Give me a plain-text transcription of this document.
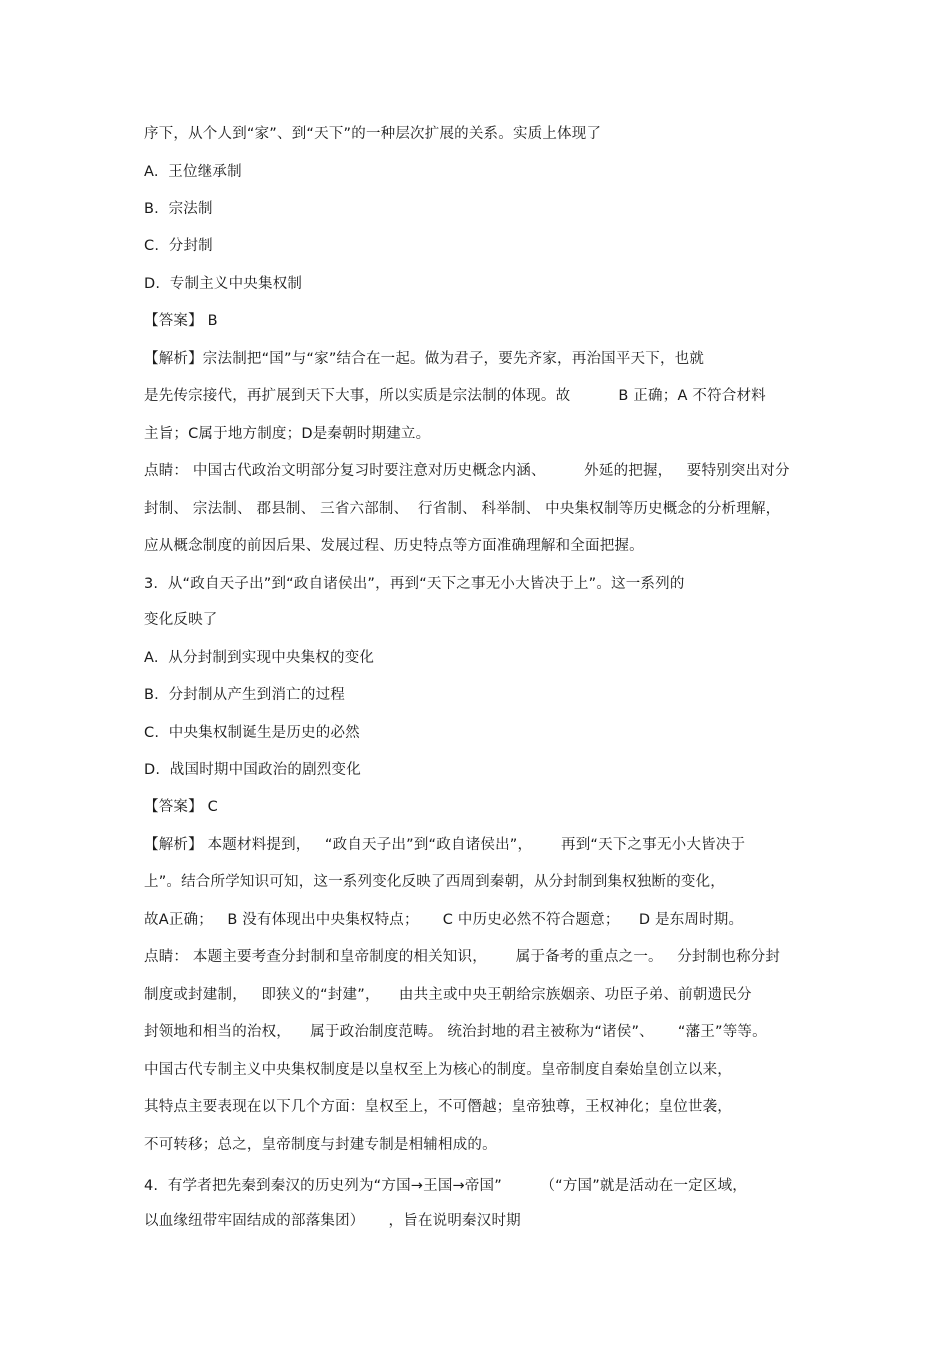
序下，从个人到“家”、到“天下”的一种层次扩展的关系。实质上体现了
A.  王位继承制
B.  宗法制
C.  分封制
D.  专制主义中央集权制
【答案】 B
【解析】宗法制把“国”与“家”结合在一起。做为君子，要先齐家，再治国平天下，也就
是先传宗接代，再扩展到天下大事，所以实质是宗法制的体现。故          B 正确；A 不符合材料
主旨；C属于地方制度；D是秦朝时期建立。
点睛： 中国古代政治文明部分复习时要注意对历史概念内涵、        外延的把握，   要特别突出对分
封制、 宗法制、 郡县制、 三省六部制、  行省制、 科举制、 中央集权制等历史概念的分析理解，
应从概念制度的前因后果、发展过程、历史特点等方面准确理解和全面把握。
3.  从“政自天子出”到“政自诸侯出”，再到“天下之事无小大皆决于上”。这一系列的
变化反映了
A.  从分封制到实现中央集权的变化
B.  分封制从产生到消亡的过程
C.  中央集权制诞生是历史的必然
D.  战国时期中国政治的剧烈变化
【答案】 C
【解析】 本题材料提到，   “政自天子出”到“政自诸侯出”，      再到“天下之事无小大皆决于
上”。结合所学知识可知，这一系列变化反映了西周到秦朝，从分封制到集权独断的变化，
故A正确；   B 没有体现出中央集权特点；     C 中历史必然不符合题意；    D 是东周时期。
点睛： 本题主要考查分封制和皇帝制度的相关知识，      属于备考的重点之一。   分封制也称分封
制度或封建制，   即狭义的“封建”，    由共主或中央王朝给宗族姻亲、功臣子弟、前朝遗民分
封领地和相当的治权，    属于政治制度范畴。 统治封地的君主被称为“诸侯”、     “藩王”等等。
中国古代专制主义中央集权制度是以皇权至上为核心的制度。皇帝制度自秦始皇创立以来，
其特点主要表现在以下几个方面：皇权至上，不可僭越；皇帝独尊，王权神化；皇位世袭，
不可转移；总之，皇帝制度与封建专制是相辅相成的。
4.  有学者把先秦到秦汉的历史列为“方国→王国→帝国”        （“方国”就是活动在一定区域，
以血缘纽带牢固结成的部落集团）     ，旨在说明秦汉时期
